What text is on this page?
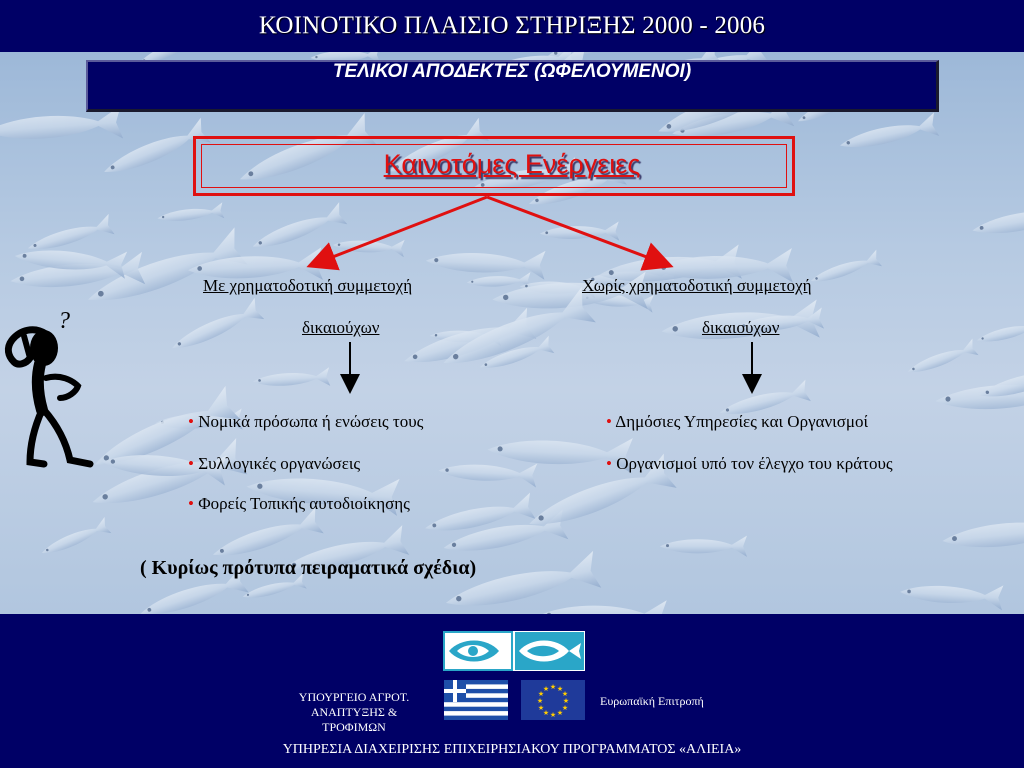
ΚΟΙΝΟΤΙΚΟ ΠΛΑΙΣΙΟ ΣΤΗΡΙΞΗΣ 2000 - 2006
ΤΕΛΙΚΟΙ ΑΠΟΔΕΚΤΕΣ (ΩΦΕΛΟΥΜΕΝΟΙ)
Καινοτόμες Ενέργειες
Με χρηματοδοτική συμμετοχή
δικαιούχων
• Νομικά πρόσωπα ή ενώσεις τους
• Συλλογικές οργανώσεις
• Φορείς Τοπικής αυτοδιοίκησης
Χωρίς χρηματοδοτική συμμετοχή
δικαιούχων
• Δημόσιες Υπηρεσίες και Οργανισμοί
• Οργανισμοί υπό τον έλεγχο του κράτους
( Κυρίως πρότυπα πειραματικά σχέδια)
?
★ ★
★
★
★
★
★
★
★
★
★
★
ΥΠΟΥΡΓΕΙΟ ΑΓΡΟΤ.
ΑΝΑΠΤΥΞΗΣ &
ΤΡΟΦΙΜΩΝ
Ευρωπαϊκή Επιτροπή
ΥΠΗΡΕΣΙΑ ΔΙΑΧΕΙΡΙΣΗΣ ΕΠΙΧΕΙΡΗΣΙΑΚΟΥ ΠΡΟΓΡΑΜΜΑΤΟΣ «ΑΛΙΕΙΑ»
